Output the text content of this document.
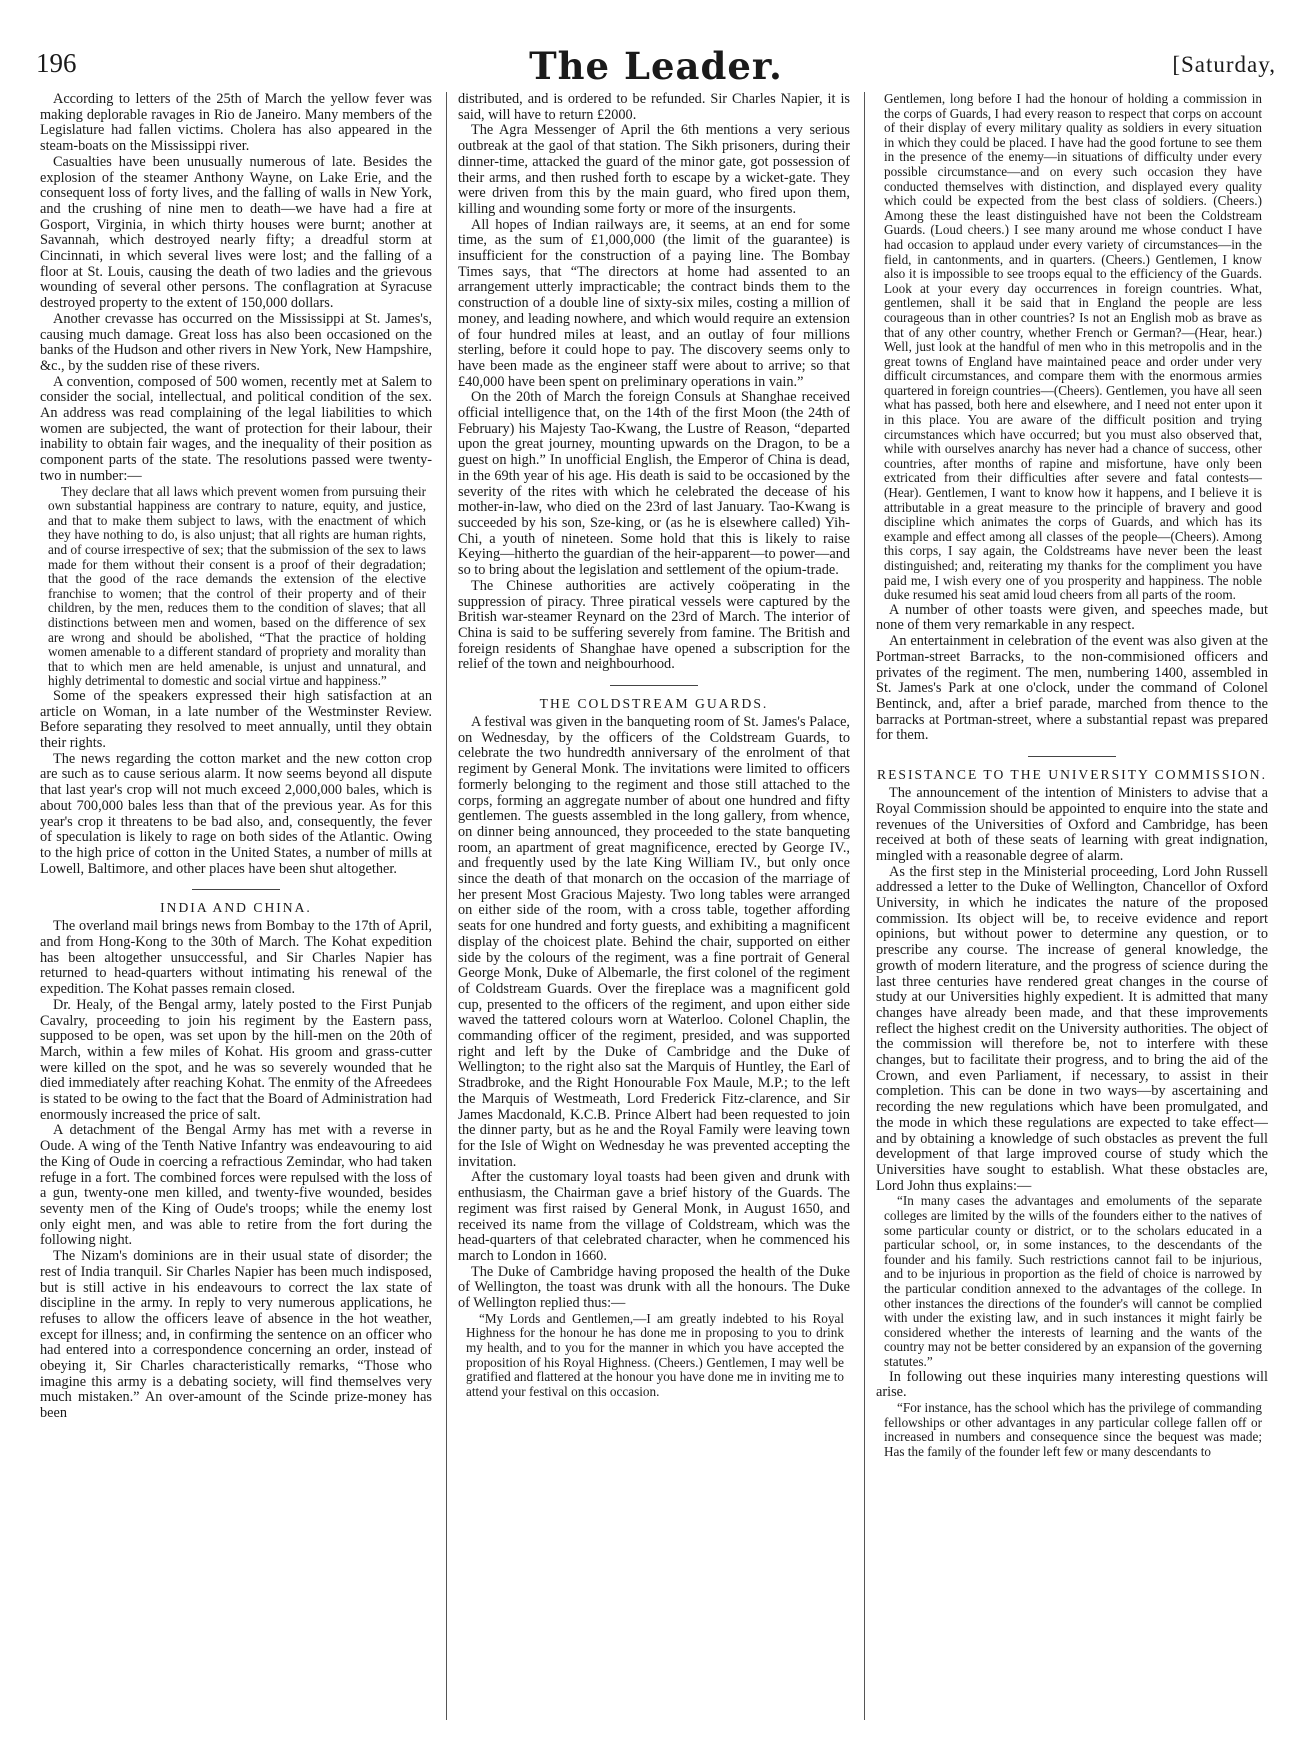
196	The Leader.	[Saturday,

According to letters of the 25th of March the yellow fever was making deplorable ravages in Rio de Janeiro. Many members of the Legislature had fallen victims. Cholera has also appeared in the steam-boats on the Mississippi river.

Casualties have been unusually numerous of late. Besides the explosion of the steamer Anthony Wayne, on Lake Erie, and the consequent loss of forty lives, and the falling of walls in New York, and the crushing of nine men to death—we have had a fire at Gosport, Virginia, in which thirty houses were burnt; another at Savannah, which destroyed nearly fifty; a dreadful storm at Cincinnati, in which several lives were lost; and the falling of a floor at St. Louis, causing the death of two ladies and the grievous wounding of several other persons. The conflagration at Syracuse destroyed property to the extent of 150,000 dollars.

Another crevasse has occurred on the Mississippi at St. James's, causing much damage. Great loss has also been occasioned on the banks of the Hudson and other rivers in New York, New Hampshire, &c., by the sudden rise of these rivers.

A convention, composed of 500 women, recently met at Salem to consider the social, intellectual, and political condition of the sex. An address was read complaining of the legal liabilities to which women are subjected, the want of protection for their labour, their inability to obtain fair wages, and the inequality of their position as component parts of the state. The resolutions passed were twenty-two in number:—

They declare that all laws which prevent women from pursuing their own substantial happiness are contrary to nature, equity, and justice, and that to make them subject to laws, with the enactment of which they have nothing to do, is also unjust; that all rights are human rights, and of course irrespective of sex; that the submission of the sex to laws made for them without their consent is a proof of their degradation; that the good of the race demands the extension of the elective franchise to women; that the control of their property and of their children, by the men, reduces them to the condition of slaves; that all distinctions between men and women, based on the difference of sex are wrong and should be abolished, “That the practice of holding women amenable to a different standard of propriety and morality than that to which men are held amenable, is unjust and unnatural, and highly detrimental to domestic and social virtue and happiness.”

Some of the speakers expressed their high satisfaction at an article on Woman, in a late number of the Westminster Review. Before separating they resolved to meet annually, until they obtain their rights.

The news regarding the cotton market and the new cotton crop are such as to cause serious alarm. It now seems beyond all dispute that last year's crop will not much exceed 2,000,000 bales, which is about 700,000 bales less than that of the previous year. As for this year's crop it threatens to be bad also, and, consequently, the fever of speculation is likely to rage on both sides of the Atlantic. Owing to the high price of cotton in the United States, a number of mills at Lowell, Baltimore, and other places have been shut altogether.

INDIA AND CHINA.

The overland mail brings news from Bombay to the 17th of April, and from Hong-Kong to the 30th of March. The Kohat expedition has been altogether unsuccessful, and Sir Charles Napier has returned to head-quarters without intimating his renewal of the expedition. The Kohat passes remain closed.

Dr. Healy, of the Bengal army, lately posted to the First Punjab Cavalry, proceeding to join his regiment by the Eastern pass, supposed to be open, was set upon by the hill-men on the 20th of March, within a few miles of Kohat. His groom and grass-cutter were killed on the spot, and he was so severely wounded that he died immediately after reaching Kohat. The enmity of the Afreedees is stated to be owing to the fact that the Board of Administration had enormously increased the price of salt.

A detachment of the Bengal Army has met with a reverse in Oude. A wing of the Tenth Native Infantry was endeavouring to aid the King of Oude in coercing a refractious Zemindar, who had taken refuge in a fort. The combined forces were repulsed with the loss of a gun, twenty-one men killed, and twenty-five wounded, besides seventy men of the King of Oude's troops; while the enemy lost only eight men, and was able to retire from the fort during the following night.

The Nizam's dominions are in their usual state of disorder; the rest of India tranquil. Sir Charles Napier has been much indisposed, but is still active in his endeavours to correct the lax state of discipline in the army. In reply to very numerous applications, he refuses to allow the officers leave of absence in the hot weather, except for illness; and, in confirming the sentence on an officer who had entered into a correspondence concerning an order, instead of obeying it, Sir Charles characteristically remarks, “Those who imagine this army is a debating society, will find themselves very much mistaken.” An over-amount of the Scinde prize-money has been

distributed, and is ordered to be refunded. Sir Charles Napier, it is said, will have to return £2000.

The Agra Messenger of April the 6th mentions a very serious outbreak at the gaol of that station. The Sikh prisoners, during their dinner-time, attacked the guard of the minor gate, got possession of their arms, and then rushed forth to escape by a wicket-gate. They were driven from this by the main guard, who fired upon them, killing and wounding some forty or more of the insurgents.

All hopes of Indian railways are, it seems, at an end for some time, as the sum of £1,000,000 (the limit of the guarantee) is insufficient for the construction of a paying line. The Bombay Times says, that “The directors at home had assented to an arrangement utterly impracticable; the contract binds them to the construction of a double line of sixty-six miles, costing a million of money, and leading nowhere, and which would require an extension of four hundred miles at least, and an outlay of four millions sterling, before it could hope to pay. The discovery seems only to have been made as the engineer staff were about to arrive; so that £40,000 have been spent on preliminary operations in vain.”

On the 20th of March the foreign Consuls at Shanghae received official intelligence that, on the 14th of the first Moon (the 24th of February) his Majesty Tao-Kwang, the Lustre of Reason, “departed upon the great journey, mounting upwards on the Dragon, to be a guest on high.” In unofficial English, the Emperor of China is dead, in the 69th year of his age. His death is said to be occasioned by the severity of the rites with which he celebrated the decease of his mother-in-law, who died on the 23rd of last January. Tao-Kwang is succeeded by his son, Sze-king, or (as he is elsewhere called) Yih-Chi, a youth of nineteen. Some hold that this is likely to raise Keying—hitherto the guardian of the heir-apparent—to power—and so to bring about the legislation and settlement of the opium-trade.

The Chinese authorities are actively coöperating in the suppression of piracy. Three piratical vessels were captured by the British war-steamer Reynard on the 23rd of March. The interior of China is said to be suffering severely from famine. The British and foreign residents of Shanghae have opened a subscription for the relief of the town and neighbourhood.

THE COLDSTREAM GUARDS.

A festival was given in the banqueting room of St. James's Palace, on Wednesday, by the officers of the Coldstream Guards, to celebrate the two hundredth anniversary of the enrolment of that regiment by General Monk. The invitations were limited to officers formerly belonging to the regiment and those still attached to the corps, forming an aggregate number of about one hundred and fifty gentlemen. The guests assembled in the long gallery, from whence, on dinner being announced, they proceeded to the state banqueting room, an apartment of great magnificence, erected by George IV., and frequently used by the late King William IV., but only once since the death of that monarch on the occasion of the marriage of her present Most Gracious Majesty. Two long tables were arranged on either side of the room, with a cross table, together affording seats for one hundred and forty guests, and exhibiting a magnificent display of the choicest plate. Behind the chair, supported on either side by the colours of the regiment, was a fine portrait of General George Monk, Duke of Albemarle, the first colonel of the regiment of Coldstream Guards. Over the fireplace was a magnificent gold cup, presented to the officers of the regiment, and upon either side waved the tattered colours worn at Waterloo. Colonel Chaplin, the commanding officer of the regiment, presided, and was supported right and left by the Duke of Cambridge and the Duke of Wellington; to the right also sat the Marquis of Huntley, the Earl of Stradbroke, and the Right Honourable Fox Maule, M.P.; to the left the Marquis of Westmeath, Lord Frederick Fitz-clarence, and Sir James Macdonald, K.C.B. Prince Albert had been requested to join the dinner party, but as he and the Royal Family were leaving town for the Isle of Wight on Wednesday he was prevented accepting the invitation.

After the customary loyal toasts had been given and drunk with enthusiasm, the Chairman gave a brief history of the Guards. The regiment was first raised by General Monk, in August 1650, and received its name from the village of Coldstream, which was the head-quarters of that celebrated character, when he commenced his march to London in 1660.

The Duke of Cambridge having proposed the health of the Duke of Wellington, the toast was drunk with all the honours. The Duke of Wellington replied thus:—

“My Lords and Gentlemen,—I am greatly indebted to his Royal Highness for the honour he has done me in proposing to you to drink my health, and to you for the manner in which you have accepted the proposition of his Royal Highness. (Cheers.) Gentlemen, I may well be gratified and flattered at the honour you have done me in inviting me to attend your festival on this occasion.

Gentlemen, long before I had the honour of holding a commission in the corps of Guards, I had every reason to respect that corps on account of their display of every military quality as soldiers in every situation in which they could be placed. I have had the good fortune to see them in the presence of the enemy—in situations of difficulty under every possible circumstance—and on every such occasion they have conducted themselves with distinction, and displayed every quality which could be expected from the best class of soldiers. (Cheers.) Among these the least distinguished have not been the Coldstream Guards. (Loud cheers.) I see many around me whose conduct I have had occasion to applaud under every variety of circumstances—in the field, in cantonments, and in quarters. (Cheers.) Gentlemen, I know also it is impossible to see troops equal to the efficiency of the Guards. Look at your every day occurrences in foreign countries. What, gentlemen, shall it be said that in England the people are less courageous than in other countries? Is not an English mob as brave as that of any other country, whether French or German?—(Hear, hear.) Well, just look at the handful of men who in this metropolis and in the great towns of England have maintained peace and order under very difficult circumstances, and compare them with the enormous armies quartered in foreign countries—(Cheers). Gentlemen, you have all seen what has passed, both here and elsewhere, and I need not enter upon it in this place. You are aware of the difficult position and trying circumstances which have occurred; but you must also observed that, while with ourselves anarchy has never had a chance of success, other countries, after months of rapine and misfortune, have only been extricated from their difficulties after severe and fatal contests—(Hear). Gentlemen, I want to know how it happens, and I believe it is attributable in a great measure to the principle of bravery and good discipline which animates the corps of Guards, and which has its example and effect among all classes of the people—(Cheers). Among this corps, I say again, the Coldstreams have never been the least distinguished; and, reiterating my thanks for the compliment you have paid me, I wish every one of you prosperity and happiness. The noble duke resumed his seat amid loud cheers from all parts of the room.

A number of other toasts were given, and speeches made, but none of them very remarkable in any respect.

An entertainment in celebration of the event was also given at the Portman-street Barracks, to the non-commisioned officers and privates of the regiment. The men, numbering 1400, assembled in St. James's Park at one o'clock, under the command of Colonel Bentinck, and, after a brief parade, marched from thence to the barracks at Portman-street, where a substantial repast was prepared for them.

RESISTANCE TO THE UNIVERSITY COMMISSION.

The announcement of the intention of Ministers to advise that a Royal Commission should be appointed to enquire into the state and revenues of the Universities of Oxford and Cambridge, has been received at both of these seats of learning with great indignation, mingled with a reasonable degree of alarm.

As the first step in the Ministerial proceeding, Lord John Russell addressed a letter to the Duke of Wellington, Chancellor of Oxford University, in which he indicates the nature of the proposed commission. Its object will be, to receive evidence and report opinions, but without power to determine any question, or to prescribe any course. The increase of general knowledge, the growth of modern literature, and the progress of science during the last three centuries have rendered great changes in the course of study at our Universities highly expedient. It is admitted that many changes have already been made, and that these improvements reflect the highest credit on the University authorities. The object of the commission will therefore be, not to interfere with these changes, but to facilitate their progress, and to bring the aid of the Crown, and even Parliament, if necessary, to assist in their completion. This can be done in two ways—by ascertaining and recording the new regulations which have been promulgated, and the mode in which these regulations are expected to take effect—and by obtaining a knowledge of such obstacles as prevent the full development of that large improved course of study which the Universities have sought to establish. What these obstacles are, Lord John thus explains:—

“In many cases the advantages and emoluments of the separate colleges are limited by the wills of the founders either to the natives of some particular county or district, or to the scholars educated in a particular school, or, in some instances, to the descendants of the founder and his family. Such restrictions cannot fail to be injurious, and to be injurious in proportion as the field of choice is narrowed by the particular condition annexed to the advantages of the college. In other instances the directions of the founder's will cannot be complied with under the existing law, and in such instances it might fairly be considered whether the interests of learning and the wants of the country may not be better considered by an expansion of the governing statutes.”

In following out these inquiries many interesting questions will arise.

“For instance, has the school which has the privilege of commanding fellowships or other advantages in any particular college fallen off or increased in numbers and consequence since the bequest was made; Has the family of the founder left few or many descendants to
